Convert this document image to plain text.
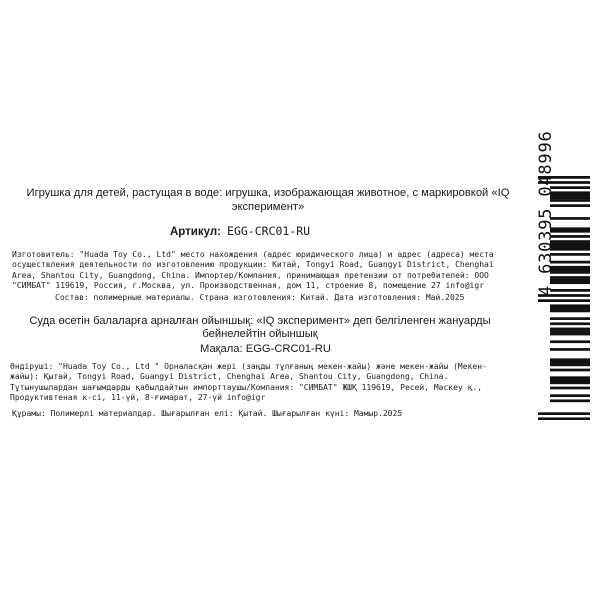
Игрушка для детей, растущая в воде: игрушка, изображающая животное, с маркировкой «IQ эксперимент»
Артикул: EGG-CRC01-RU
Изготовитель: "Huada Toy Co., Ltd" место нахождения (адрес юридического лица) и адрес (адреса) места осуществления деятельности по изготовлению продукции: Китай, Tongyi Road, Guangyi District, Chenghai Area, Shantou City, Guangdong, China. Импортер/Компания, принимающая претензии от потребителей: ООО "СИМБАТ" 119619, Россия, г.Москва, ул. Производственная, дом 11, строение 8, помещение 27 info@igr
Состав: полимерные материалы. Страна изготовления: Китай. Дата изготовления: Май.2025
Суда өсетін балаларға арналған ойыншық: «IQ эксперимент» деп белгіленген жануарды бейнелейтін ойыншық
Мақала: EGG-CRC01-RU
Өндіруші: "Huada Toy Co., Ltd " Орналасқан жері (заңды тұлғаның мекен-жайы) және мекен-жайы (Мекен-жайы): Қытай, Tongyi Road, Guangyi District, Chenghai Area, Shantou City, Guangdong, China. Тұтынушылардан шағымдарды қабылдайтын импорттаушы/Компания: "СИМБАТ" ЖШҚ 119619, Ресей, Мәскеу қ., Продуктивтеная к-сі, 11-үй, 8-ғимарат, 27-үй info@igr
Құрамы: Полимерлі материалдар. Шығарылған елі: Қытай. Шығарылған күні: Мамыр.2025
4 630395 048996
